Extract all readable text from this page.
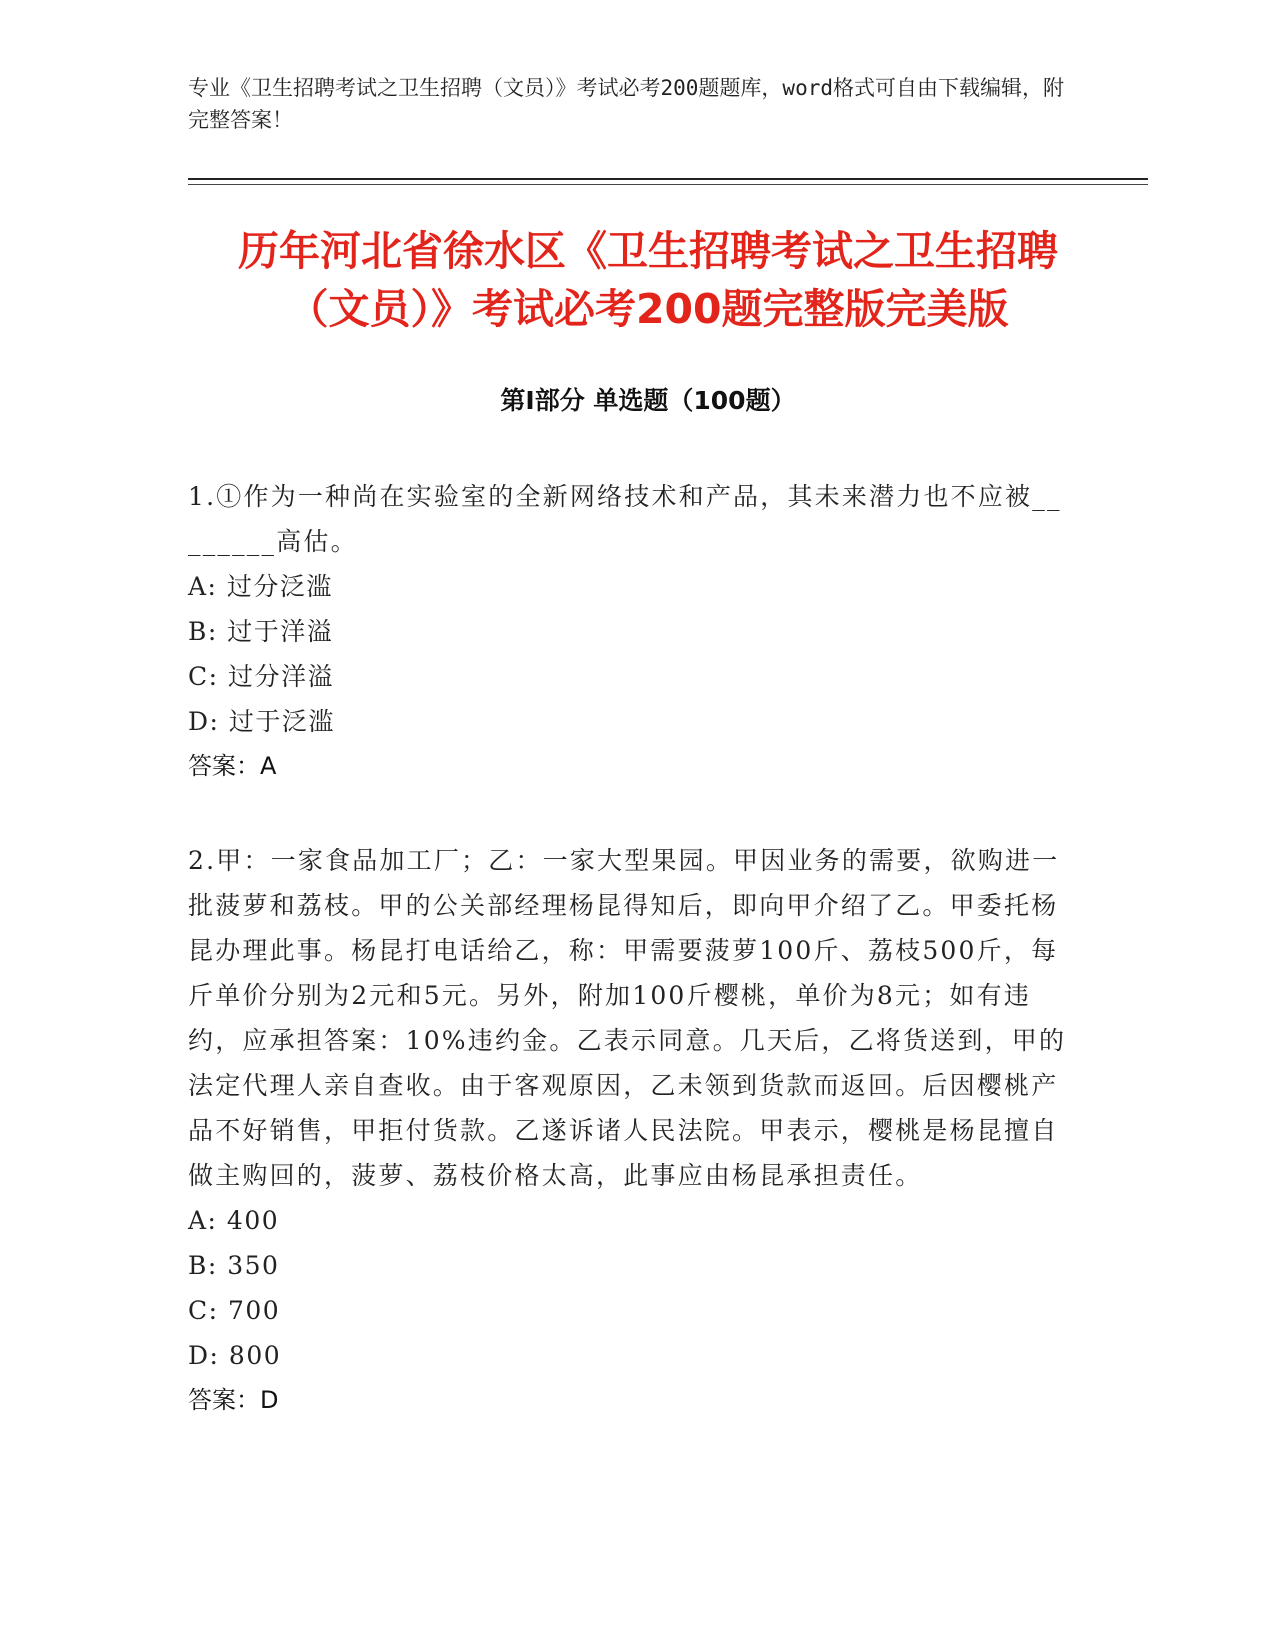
专业《卫生招聘考试之卫生招聘（文员）》考试必考200题题库，word格式可自由下载编辑，附完整答案！
历年河北省徐水区《卫生招聘考试之卫生招聘（文员）》考试必考200题完整版完美版
第I部分 单选题（100题）

1.①作为一种尚在实验室的全新网络技术和产品，其未来潜力也不应被________高估。

A: 过分泛滥

B: 过于洋溢

C: 过分洋溢

D: 过于泛滥

答案：A

2.甲：一家食品加工厂；乙：一家大型果园。甲因业务的需要，欲购进一批菠萝和荔枝。甲的公关部经理杨昆得知后，即向甲介绍了乙。甲委托杨昆办理此事。杨昆打电话给乙，称：甲需要菠萝100斤、荔枝500斤，每斤单价分别为2元和5元。另外，附加100斤樱桃，单价为8元；如有违约，应承担答案：10%违约金。乙表示同意。几天后，乙将货送到，甲的法定代理人亲自查收。由于客观原因，乙未领到货款而返回。后因樱桃产品不好销售，甲拒付货款。乙遂诉诸人民法院。甲表示，樱桃是杨昆擅自做主购回的，菠萝、荔枝价格太高，此事应由杨昆承担责任。

A: 400

B: 350

C: 700

D: 800

答案：D
